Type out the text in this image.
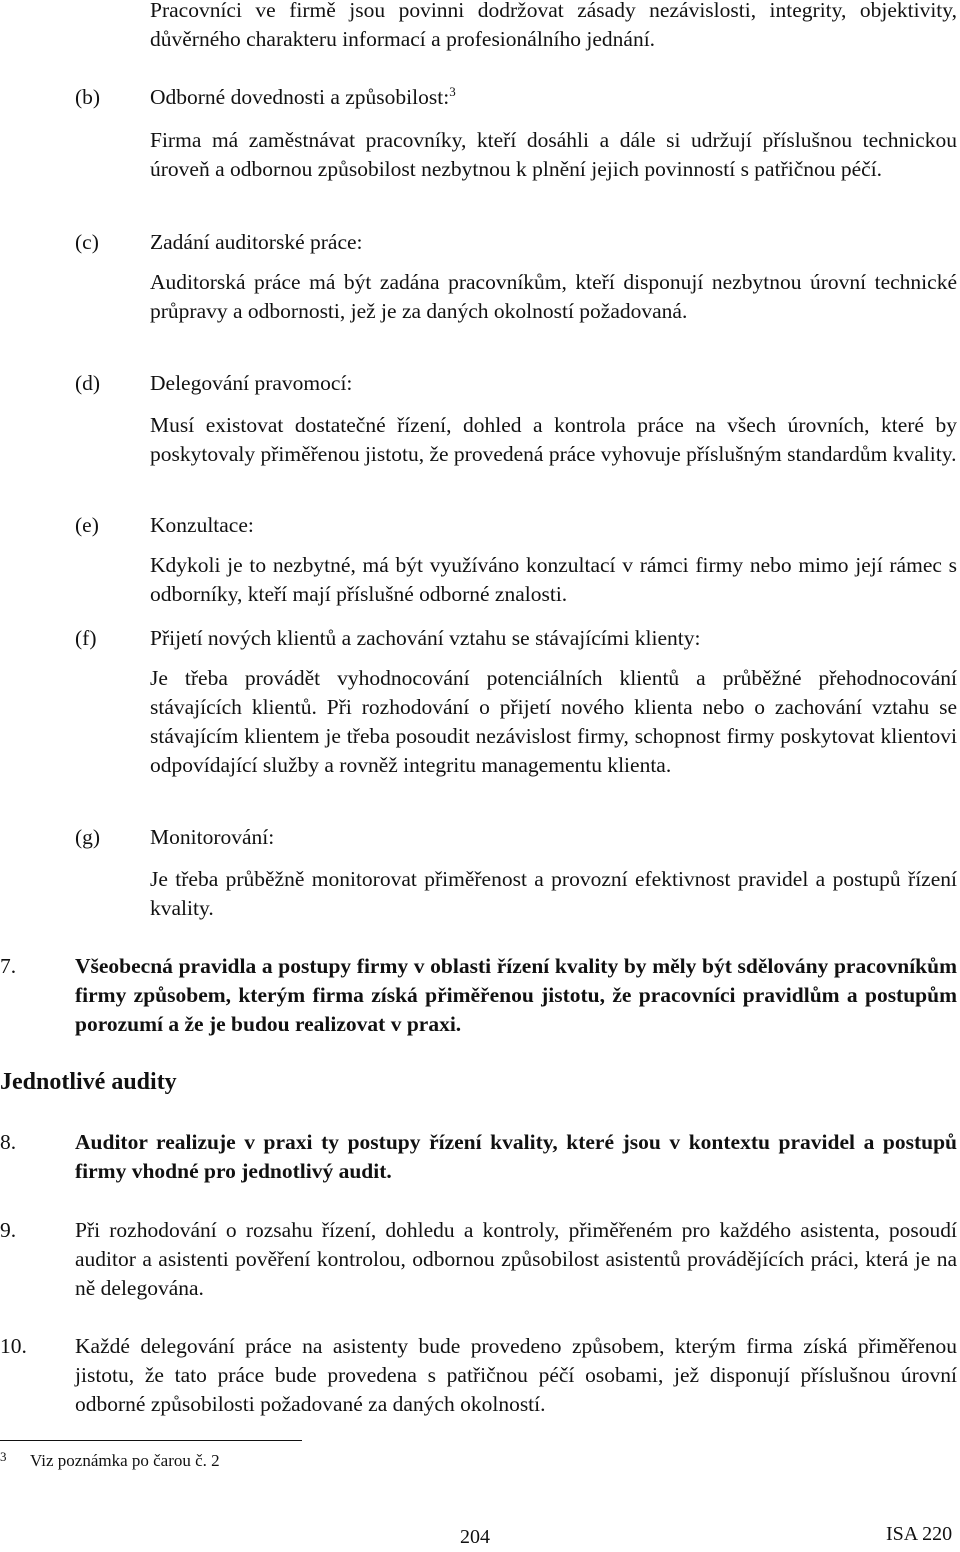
Pracovníci ve firmě jsou povinni dodržovat zásady nezávislosti, integrity, objektivity, důvěrného charakteru informací a profesionálního jednání.
(b)	Odborné dovednosti a způsobilost:$^3$
Firma má zaměstnávat pracovníky, kteří dosáhli a dále si udržují příslušnou technickou úroveň a odbornou způsobilost nezbytnou k plnění jejich povinností s patřičnou péčí.
(c)	Zadání auditorské práce:
Auditorská práce má být zadána pracovníkům, kteří disponují nezbytnou úrovní technické průpravy a odbornosti, jež je za daných okolností požadovaná.
(d)	Delegování pravomocí:
Musí existovat dostatečné řízení, dohled a kontrola práce na všech úrovních, které by poskytovaly přiměřenou jistotu, že provedená práce vyhovuje příslušným standardům kvality.
(e)	Konzultace:
Kdykoli je to nezbytné, má být využíváno konzultací v rámci firmy nebo mimo její rámec s odborníky, kteří mají příslušné odborné znalosti.
(f)	Přijetí nových klientů a zachování vztahu se stávajícími klienty:
Je třeba provádět vyhodnocování potenciálních klientů a průběžné přehodnocování stávajících klientů. Při rozhodování o přijetí nového klienta nebo o zachování vztahu se stávajícím klientem je třeba posoudit nezávislost firmy, schopnost firmy poskytovat klientovi odpovídající služby a rovněž integritu managementu klienta.
(g)	Monitorování:
Je třeba průběžně monitorovat přiměřenost a provozní efektivnost pravidel a postupů řízení kvality.
7.	Všeobecná pravidla a postupy firmy v oblasti řízení kvality by měly být sdělovány pracovníkům firmy způsobem, kterým firma získá přiměřenou jistotu, že pracovníci pravidlům a postupům porozumí a že je budou realizovat v praxi.
Jednotlivé audity
8.	Auditor realizuje v praxi ty postupy řízení kvality, které jsou v kontextu pravidel a postupů firmy vhodné pro jednotlivý audit.
9.	Při rozhodování o rozsahu řízení, dohledu a kontroly, přiměřeném pro každého asistenta, posoudí auditor a asistenti pověření kontrolou, odbornou způsobilost asistentů provádějících práci, která je na ně delegována.
10. Každé delegování práce na asistenty bude provedeno způsobem, kterým firma získá přiměřenou jistotu, že tato práce bude provedena s patřičnou péčí osobami, jež disponují příslušnou úrovní odborné způsobilosti požadované za daných okolností.
3 Viz poznámka po čarou č. 2
204	ISA 220
